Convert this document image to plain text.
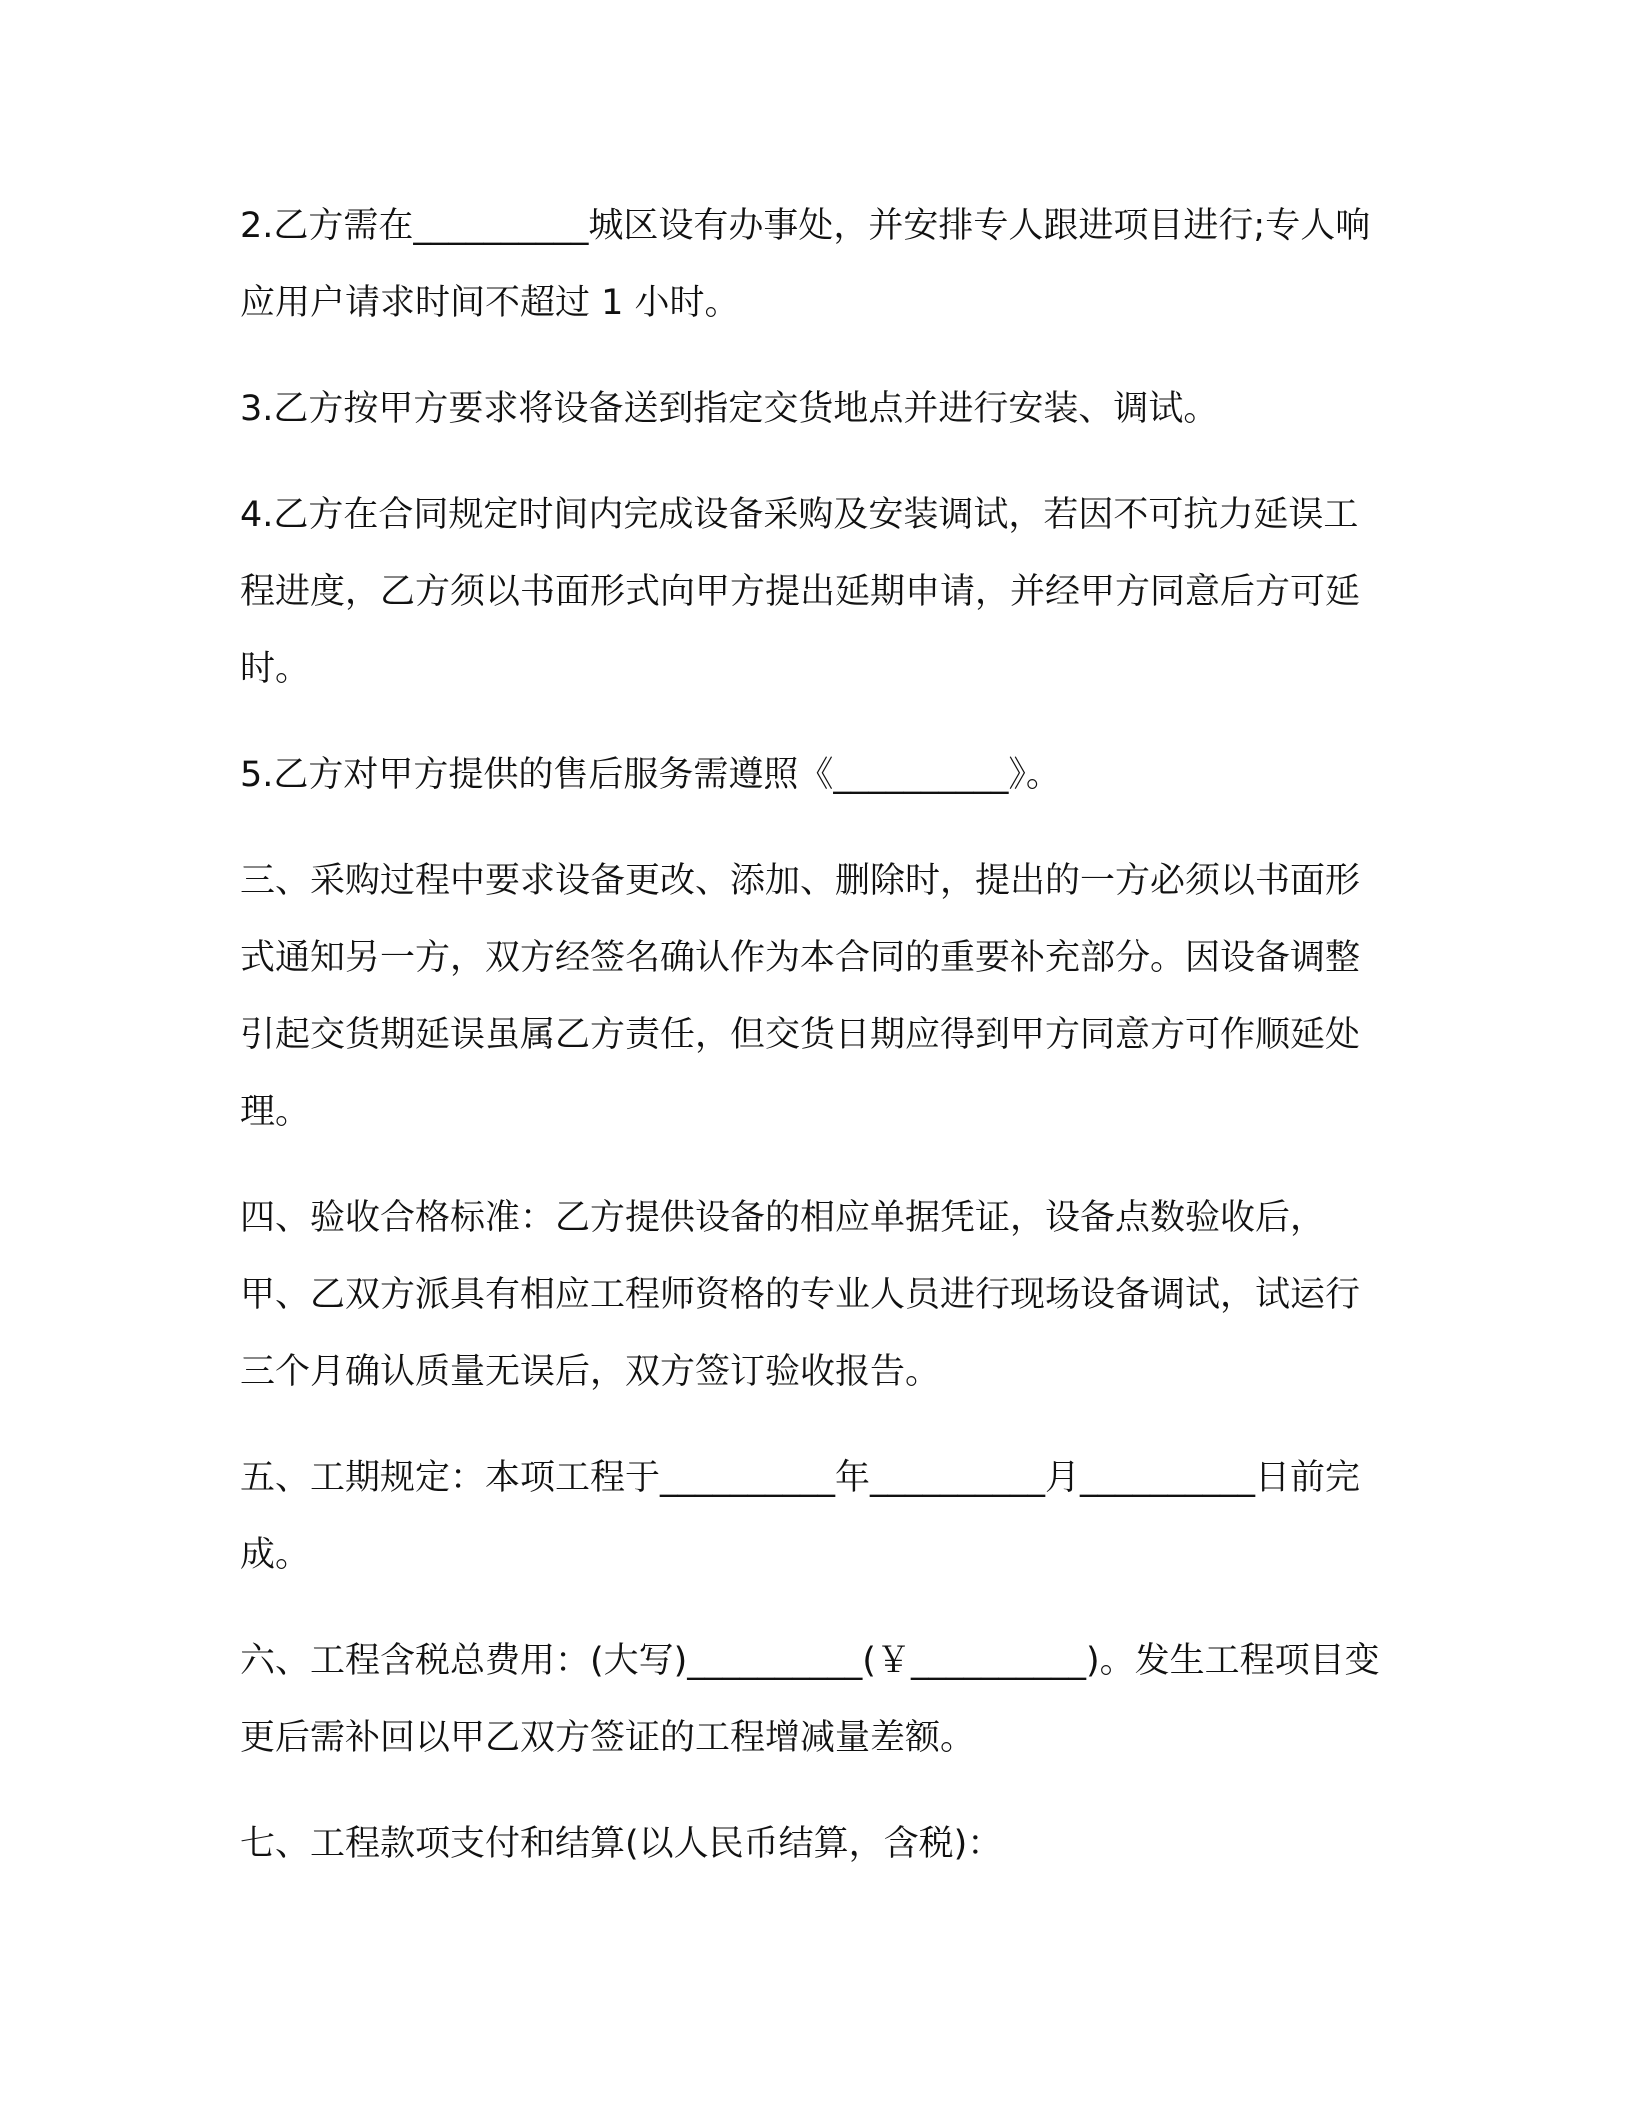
2.乙方需在__________城区设有办事处，并安排专人跟进项目进行;专人响应用户请求时间不超过 1 小时。

3.乙方按甲方要求将设备送到指定交货地点并进行安装、调试。

4.乙方在合同规定时间内完成设备采购及安装调试，若因不可抗力延误工程进度，乙方须以书面形式向甲方提出延期申请，并经甲方同意后方可延时。

5.乙方对甲方提供的售后服务需遵照《__________》。

三、采购过程中要求设备更改、添加、删除时，提出的一方必须以书面形式通知另一方，双方经签名确认作为本合同的重要补充部分。因设备调整引起交货期延误虽属乙方责任，但交货日期应得到甲方同意方可作顺延处理。

四、验收合格标准：乙方提供设备的相应单据凭证，设备点数验收后，甲、乙双方派具有相应工程师资格的专业人员进行现场设备调试，试运行三个月确认质量无误后，双方签订验收报告。

五、工期规定：本项工程于__________年__________月__________日前完成。

六、工程含税总费用：(大写)__________(￥__________)。发生工程项目变更后需补回以甲乙双方签证的工程增减量差额。

七、工程款项支付和结算(以人民币结算，含税)：
